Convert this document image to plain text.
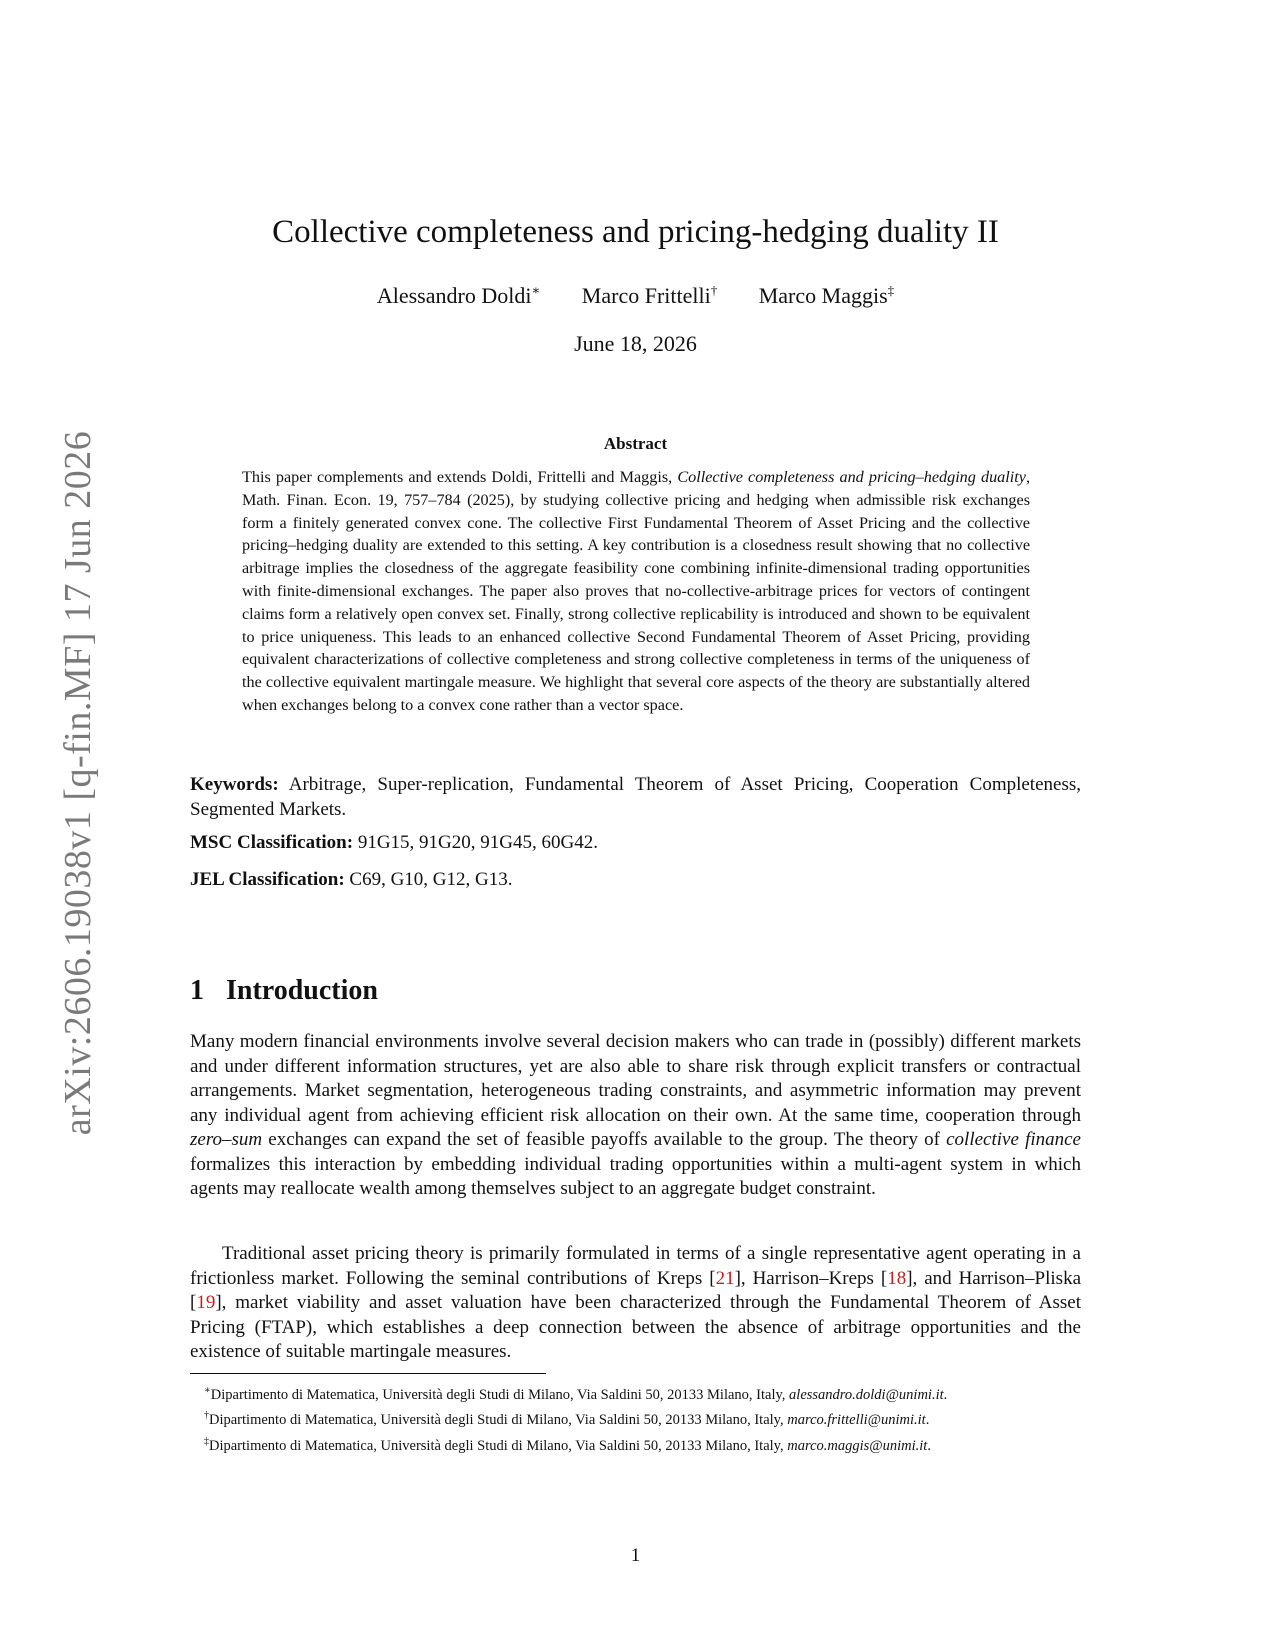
arXiv:2606.19038v1 [q-fin.MF] 17 Jun 2026
Collective completeness and pricing-hedging duality II
Alessandro Doldi∗ Marco Frittelli† Marco Maggis‡
June 18, 2026
Abstract
This paper complements and extends Doldi, Frittelli and Maggis, Collective completeness and pricing–hedging duality, Math. Finan. Econ. 19, 757–784 (2025), by studying collective pricing and hedging when admissible risk exchanges form a finitely generated convex cone. The collective First Fundamental Theorem of Asset Pricing and the collective pricing–hedging duality are extended to this setting. A key contribution is a closedness result showing that no collective arbitrage implies the closedness of the aggregate feasibility cone combining infinite-dimensional trading opportunities with finite-dimensional exchanges. The paper also proves that no-collective-arbitrage prices for vectors of contingent claims form a relatively open convex set. Finally, strong collective replicability is introduced and shown to be equivalent to price uniqueness. This leads to an enhanced collective Second Fundamental Theorem of Asset Pricing, providing equivalent characterizations of collective completeness and strong collective completeness in terms of the uniqueness of the collective equivalent martingale measure. We highlight that several core aspects of the theory are substantially altered when exchanges belong to a convex cone rather than a vector space.
Keywords: Arbitrage, Super-replication, Fundamental Theorem of Asset Pricing, Cooperation Completeness, Segmented Markets.
MSC Classification: 91G15, 91G20, 91G45, 60G42.
JEL Classification: C69, G10, G12, G13.
1 Introduction
Many modern financial environments involve several decision makers who can trade in (possibly) different markets and under different information structures, yet are also able to share risk through explicit transfers or contractual arrangements. Market segmentation, heterogeneous trading constraints, and asymmetric information may prevent any individual agent from achieving efficient risk allocation on their own. At the same time, cooperation through zero–sum exchanges can expand the set of feasible payoffs available to the group. The theory of collective finance formalizes this interaction by embedding individual trading opportunities within a multi-agent system in which agents may reallocate wealth among themselves subject to an aggregate budget constraint.
Traditional asset pricing theory is primarily formulated in terms of a single representative agent operating in a frictionless market. Following the seminal contributions of Kreps [21], Harrison–Kreps [18], and Harrison–Pliska [19], market viability and asset valuation have been characterized through the Fundamental Theorem of Asset Pricing (FTAP), which establishes a deep connection between the absence of arbitrage opportunities and the existence of suitable martingale measures.

∗Dipartimento di Matematica, Università degli Studi di Milano, Via Saldini 50, 20133 Milano, Italy, alessandro.doldi@unimi.it.

†Dipartimento di Matematica, Università degli Studi di Milano, Via Saldini 50, 20133 Milano, Italy, marco.frittelli@unimi.it.

‡Dipartimento di Matematica, Università degli Studi di Milano, Via Saldini 50, 20133 Milano, Italy, marco.maggis@unimi.it.

1
